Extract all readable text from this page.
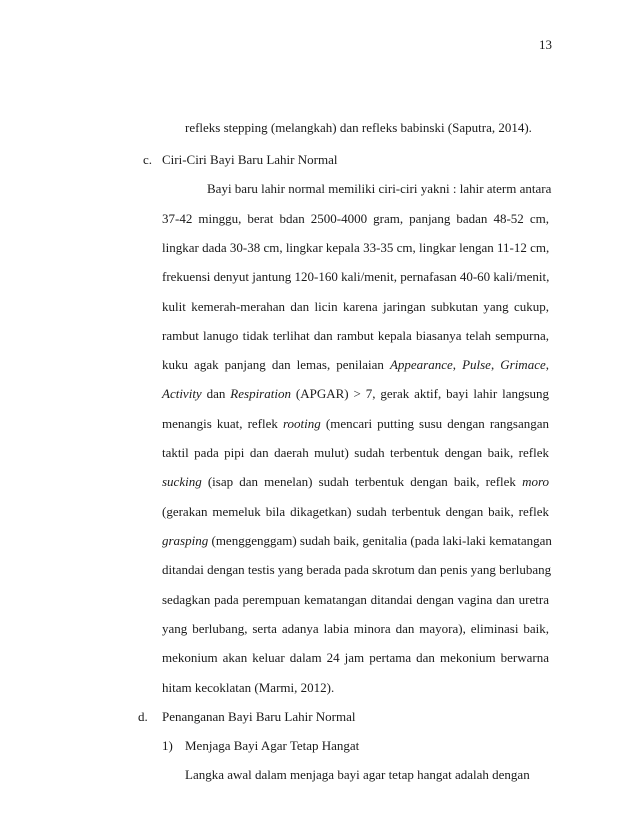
13
refleks stepping (melangkah) dan refleks babinski (Saputra, 2014).
c. Ciri-Ciri Bayi Baru Lahir Normal
Bayi baru lahir normal memiliki ciri-ciri yakni : lahir aterm antara
37-42 minggu, berat bdan 2500-4000 gram, panjang badan 48-52 cm,
lingkar dada 30-38 cm, lingkar kepala 33-35 cm, lingkar lengan 11-12 cm,
frekuensi denyut jantung 120-160 kali/menit, pernafasan 40-60 kali/menit,
kulit kemerah-merahan dan licin karena jaringan subkutan yang cukup,
rambut lanugo tidak terlihat dan rambut kepala biasanya telah sempurna,
kuku agak panjang dan lemas, penilaian Appearance, Pulse, Grimace,
Activity dan Respiration (APGAR) > 7, gerak aktif, bayi lahir langsung
menangis kuat, reflek rooting (mencari putting susu dengan rangsangan
taktil pada pipi dan daerah mulut) sudah terbentuk dengan baik, reflek
sucking (isap dan menelan) sudah terbentuk dengan baik, reflek moro
(gerakan memeluk bila dikagetkan) sudah terbentuk dengan baik, reflek
grasping (menggenggam) sudah baik, genitalia (pada laki-laki kematangan
ditandai dengan testis yang berada pada skrotum dan penis yang berlubang
sedagkan pada perempuan kematangan ditandai dengan vagina dan uretra
yang berlubang, serta adanya labia minora dan mayora), eliminasi baik,
mekonium akan keluar dalam 24 jam pertama dan mekonium berwarna
hitam kecoklatan (Marmi, 2012).
d. Penanganan Bayi Baru Lahir Normal
1) Menjaga Bayi Agar Tetap Hangat
Langka awal dalam menjaga bayi agar tetap hangat adalah dengan
